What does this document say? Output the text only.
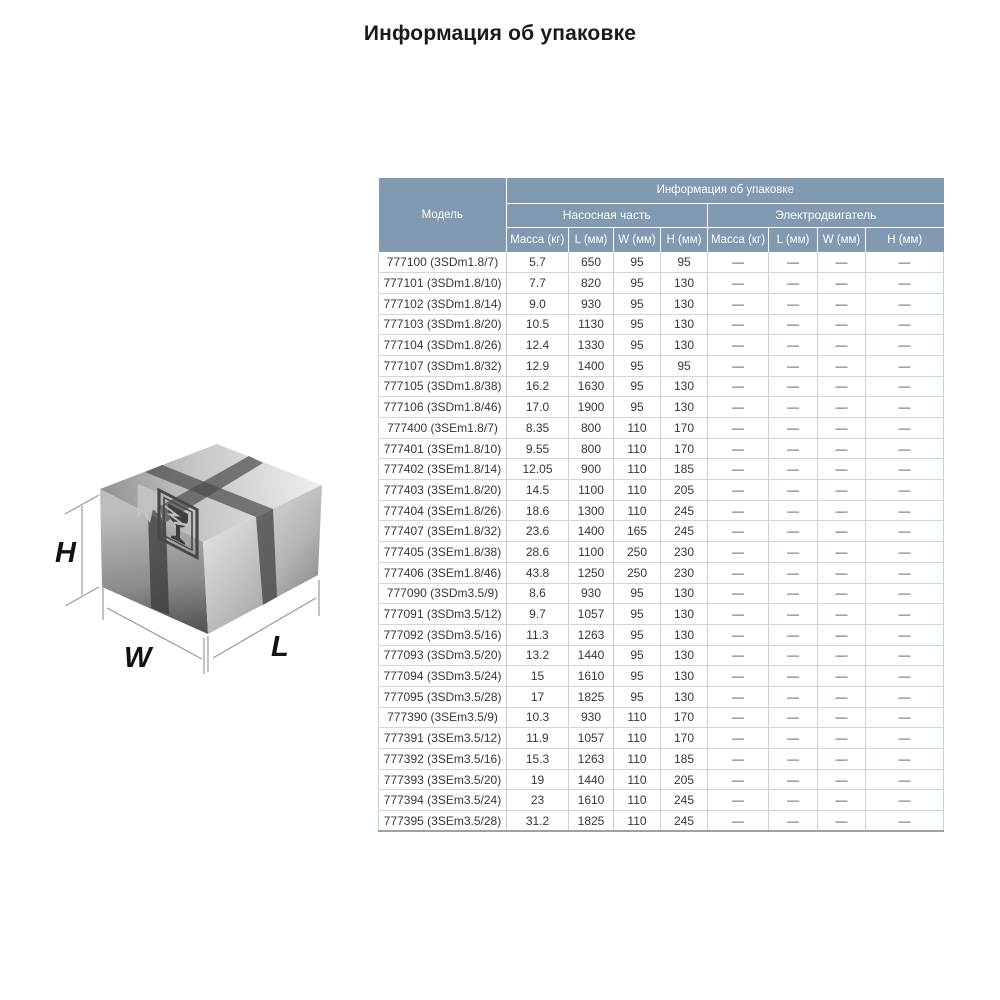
Информация об упаковке
H
W	L
Модель	Информация об упаковке							
	Насосная часть				Электродвигатель			
	Масса (кг)	L (мм)	W (мм)	H (мм)	Масса (кг)	L (мм)	W (мм)	H (мм)
777100 (3SDm1.8/7)	5.7	650	95	95	—	—	—	—
777101 (3SDm1.8/10)	7.7	820	95	130	—	—	—	—
777102 (3SDm1.8/14)	9.0	930	95	130	—	—	—	—
777103 (3SDm1.8/20)	10.5	1130	95	130	—	—	—	—
777104 (3SDm1.8/26)	12.4	1330	95	130	—	—	—	—
777107 (3SDm1.8/32)	12.9	1400	95	95	—	—	—	—
777105 (3SDm1.8/38)	16.2	1630	95	130	—	—	—	—
777106 (3SDm1.8/46)	17.0	1900	95	130	—	—	—	—
777400 (3SEm1.8/7)	8.35	800	110	170	—	—	—	—
777401 (3SEm1.8/10)	9.55	800	110	170	—	—	—	—
777402 (3SEm1.8/14)	12.05	900	110	185	—	—	—	—
777403 (3SEm1.8/20)	14.5	1100	110	205	—	—	—	—
777404 (3SEm1.8/26)	18.6	1300	110	245	—	—	—	—
777407 (3SEm1.8/32)	23.6	1400	165	245	—	—	—	—
777405 (3SEm1.8/38)	28.6	1100	250	230	—	—	—	—
777406 (3SEm1.8/46)	43.8	1250	250	230	—	—	—	—
777090 (3SDm3.5/9)	8.6	930	95	130	—	—	—	—
777091 (3SDm3.5/12)	9.7	1057	95	130	—	—	—	—
777092 (3SDm3.5/16)	11.3	1263	95	130	—	—	—	—
777093 (3SDm3.5/20)	13.2	1440	95	130	—	—	—	—
777094 (3SDm3.5/24)	15	1610	95	130	—	—	—	—
777095 (3SDm3.5/28)	17	1825	95	130	—	—	—	—
777390 (3SEm3.5/9)	10.3	930	110	170	—	—	—	—
777391 (3SEm3.5/12)	11.9	1057	110	170	—	—	—	—
777392 (3SEm3.5/16)	15.3	1263	110	185	—	—	—	—
777393 (3SEm3.5/20)	19	1440	110	205	—	—	—	—
777394 (3SEm3.5/24)	23	1610	110	245	—	—	—	—
777395 (3SEm3.5/28)	31.2	1825	110	245	—	—	—	—
